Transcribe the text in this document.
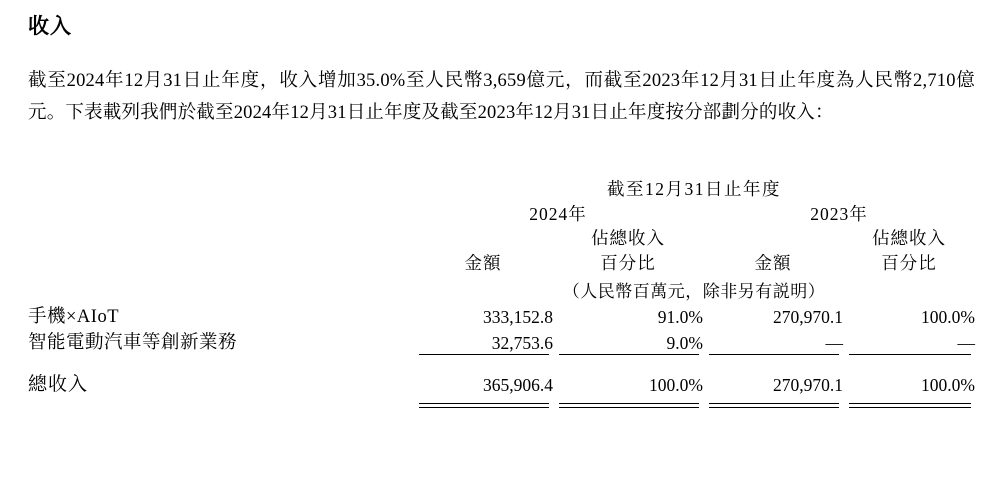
收入
截至2024年12月31日止年度，收入增加35.0%至人民幣3,659億元，而截至2023年12月31日止年度為人民幣2,710億元。下表載列我們於截至2024年12月31日止年度及截至2023年12月31日止年度按分部劃分的收入：
	截至12月31日止年度			
	2024年		2023年	
		佔總收入		佔總收入
	金額	百分比	金額	百分比
	（人民幣百萬元，除非另有説明）			
手機×AIoT	333,152.8	91.0%	270,970.1	100.0%
智能電動汽車等創新業務	32,753.6	9.0%	—	—

總收入	365,906.4	100.0%	270,970.1	100.0%
